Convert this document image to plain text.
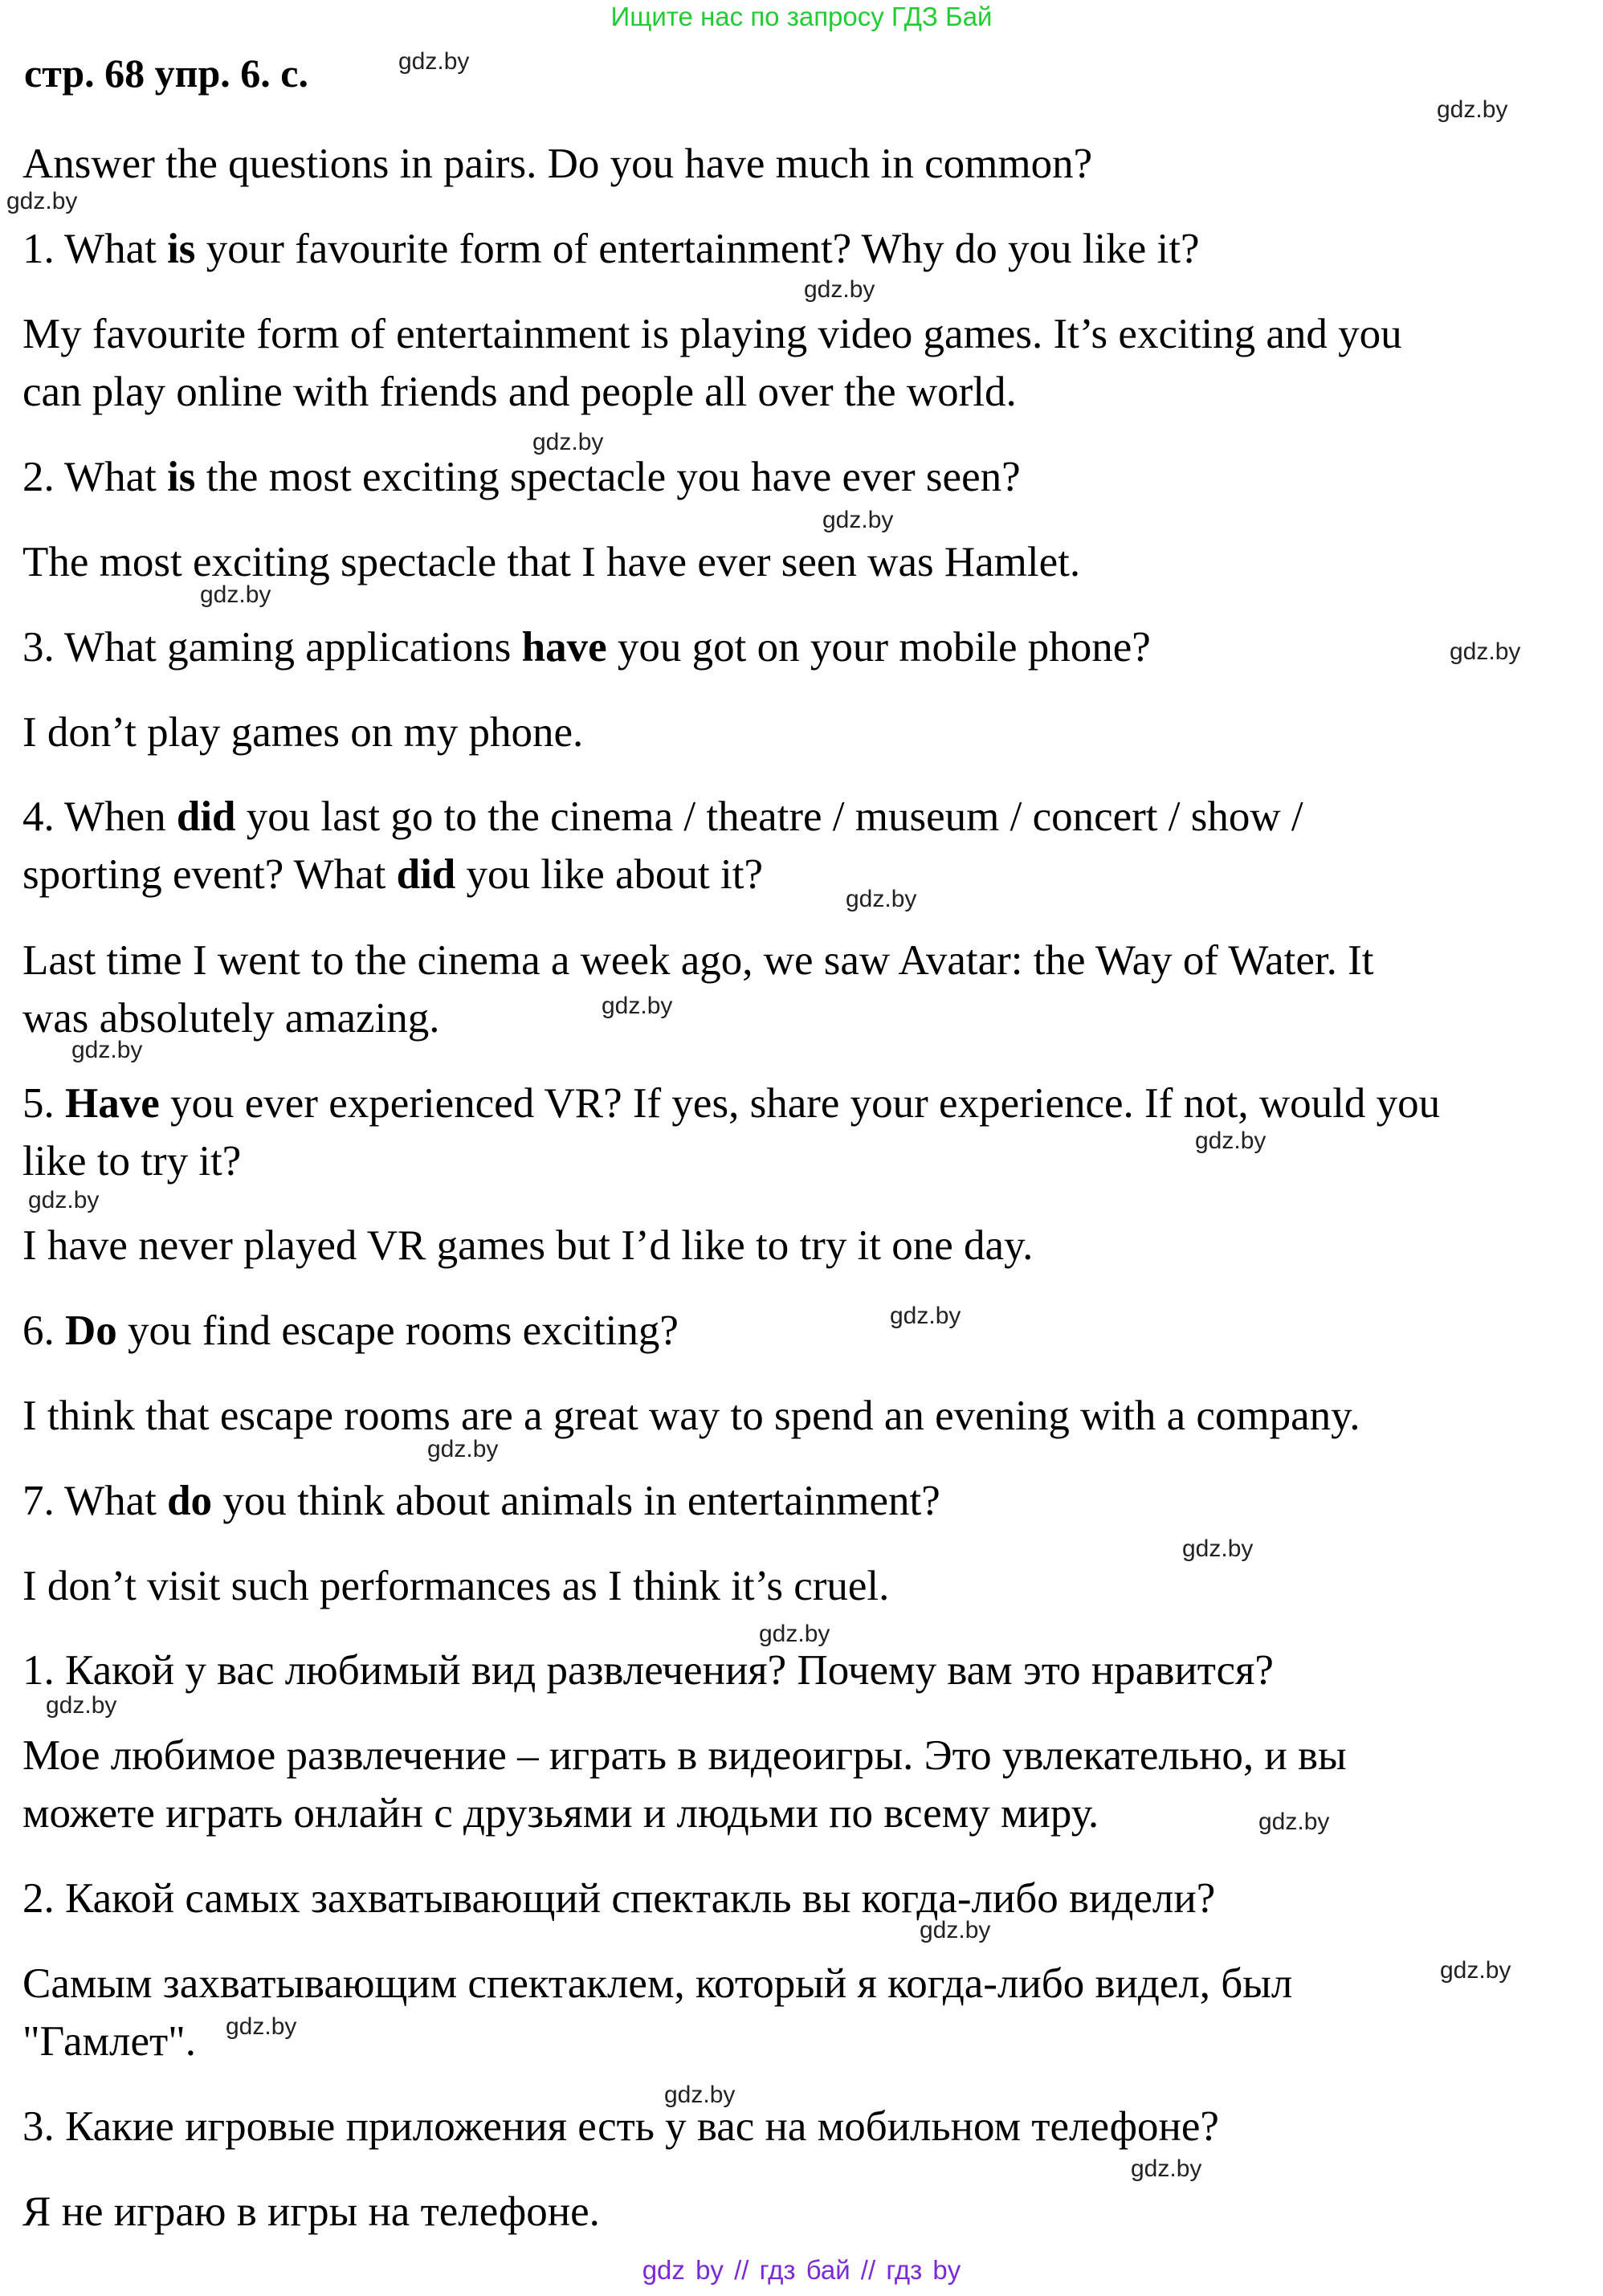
Ищите нас по запросу ГДЗ Бай
стр. 68 упр. 6. с.
Answer the questions in pairs. Do you have much in common?
1. What is your favourite form of entertainment? Why do you like it?
My favourite form of entertainment is playing video games. It’s exciting and you
can play online with friends and people all over the world.
2. What is the most exciting spectacle you have ever seen?
The most exciting spectacle that I have ever seen was Hamlet.
3. What gaming applications have you got on your mobile phone?
I don’t play games on my phone.
4. When did you last go to the cinema / theatre / museum / concert / show /
sporting event? What did you like about it?
Last time I went to the cinema a week ago, we saw Avatar: the Way of Water. It
was absolutely amazing.
5. Have you ever experienced VR? If yes, share your experience. If not, would you
like to try it?
I have never played VR games but I’d like to try it one day.
6. Do you find escape rooms exciting?
I think that escape rooms are a great way to spend an evening with a company.
7. What do you think about animals in entertainment?
I don’t visit such performances as I think it’s cruel.
1. Какой у вас любимый вид развлечения? Почему вам это нравится?
Мое любимое развлечение – играть в видеоигры. Это увлекательно, и вы
можете играть онлайн с друзьями и людьми по всему миру.
2. Какой самых захватывающий спектакль вы когда-либо видели?
Самым захватывающим спектаклем, который я когда-либо видел, был
"Гамлет".
3. Какие игровые приложения есть у вас на мобильном телефоне?
Я не играю в игры на телефоне.
gdz.by
gdz.by
gdz.by
gdz.by
gdz.by
gdz.by
gdz.by
gdz.by
gdz.by
gdz.by
gdz.by
gdz.by
gdz.by
gdz.by
gdz.by
gdz.by
gdz.by
gdz.by
gdz.by
gdz.by
gdz.by
gdz.by
gdz.by
gdz.by
gdz by // гдз бай // гдз by
